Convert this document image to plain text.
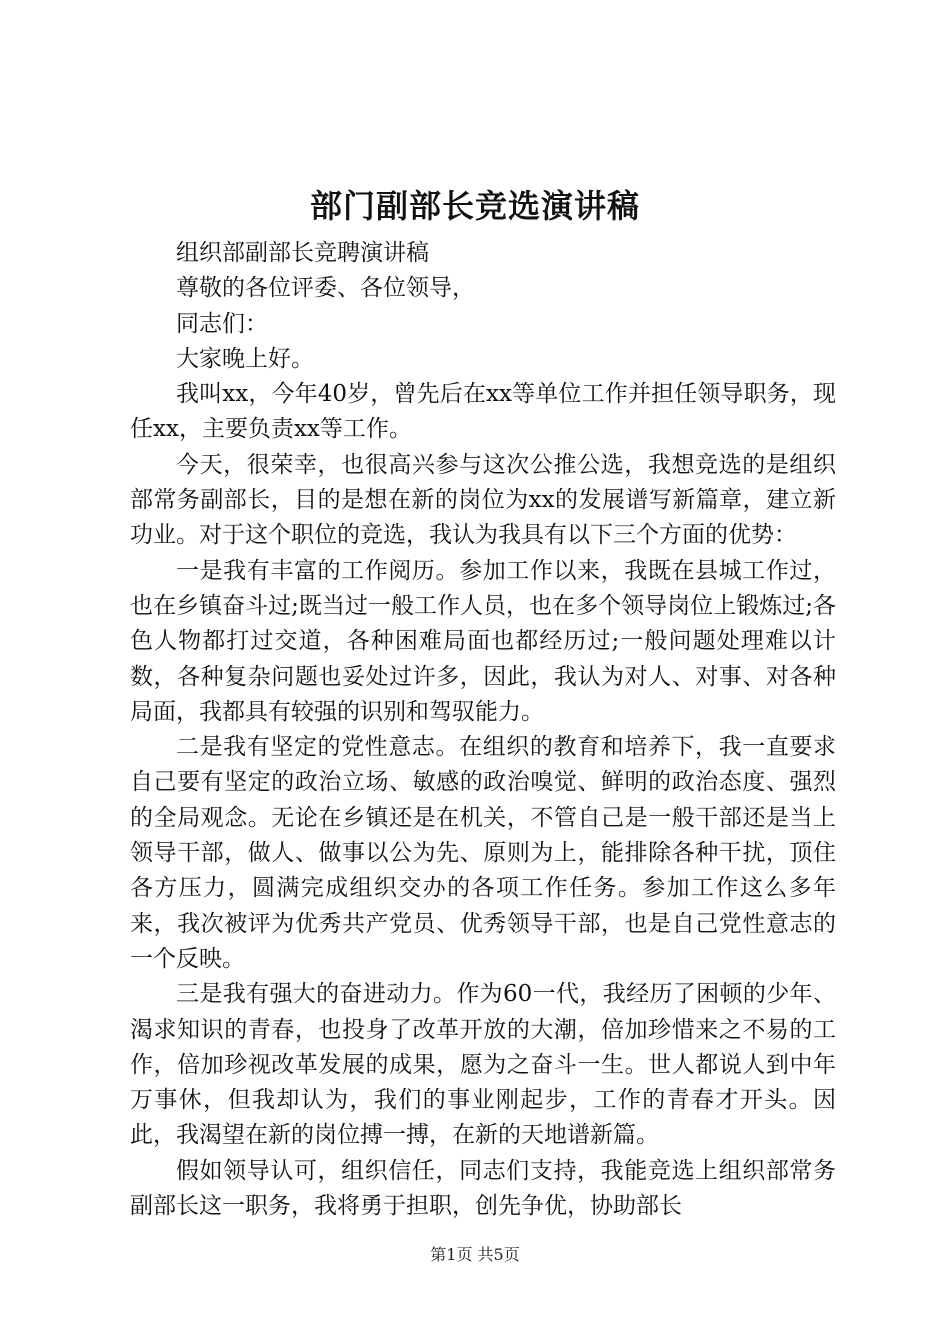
部门副部长竞选演讲稿

组织部副部长竞聘演讲稿

尊敬的各位评委、各位领导，

同志们：

大家晚上好。

我叫xx，今年40岁，曾先后在xx等单位工作并担任领导职务，现任xx，主要负责xx等工作。

今天，很荣幸，也很高兴参与这次公推公选，我想竞选的是组织部常务副部长，目的是想在新的岗位为xx的发展谱写新篇章，建立新功业。对于这个职位的竞选，我认为我具有以下三个方面的优势：

一是我有丰富的工作阅历。参加工作以来，我既在县城工作过，也在乡镇奋斗过;既当过一般工作人员，也在多个领导岗位上锻炼过;各色人物都打过交道，各种困难局面也都经历过;一般问题处理难以计数，各种复杂问题也妥处过许多，因此，我认为对人、对事、对各种局面，我都具有较强的识别和驾驭能力。

二是我有坚定的党性意志。在组织的教育和培养下，我一直要求自己要有坚定的政治立场、敏感的政治嗅觉、鲜明的政治态度、强烈的全局观念。无论在乡镇还是在机关，不管自己是一般干部还是当上领导干部，做人、做事以公为先、原则为上，能排除各种干扰，顶住各方压力，圆满完成组织交办的各项工作任务。参加工作这么多年来，我次被评为优秀共产党员、优秀领导干部，也是自己党性意志的一个反映。

三是我有强大的奋进动力。作为60一代，我经历了困顿的少年、渴求知识的青春，也投身了改革开放的大潮，倍加珍惜来之不易的工作，倍加珍视改革发展的成果，愿为之奋斗一生。世人都说人到中年万事休，但我却认为，我们的事业刚起步，工作的青春才开头。因此，我渴望在新的岗位搏一搏，在新的天地谱新篇。

假如领导认可，组织信任，同志们支持，我能竞选上组织部常务副部长这一职务，我将勇于担职，创先争优，协助部长

第1页 共5页
